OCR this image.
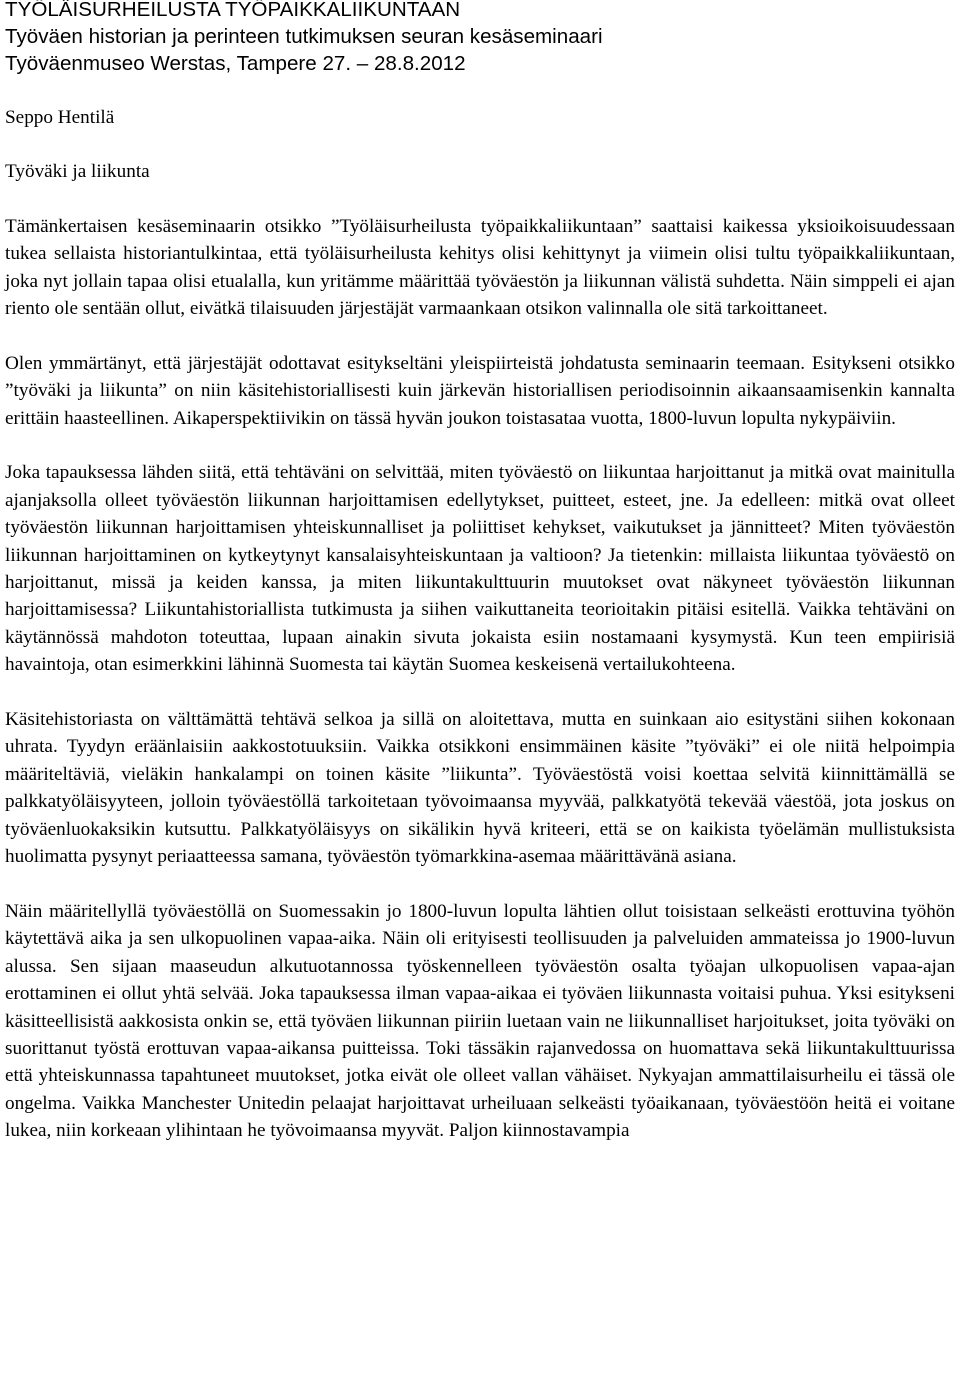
TYÖLÄISURHEILUSTA TYÖPAIKKALIIKUNTAAN
Työväen historian ja perinteen tutkimuksen seuran kesäseminaari
Työväenmuseo Werstas, Tampere 27. – 28.8.2012
Seppo Hentilä
Työväki ja liikunta

Tämänkertaisen kesäseminaarin otsikko ”Työläisurheilusta työpaikkaliikuntaan” saattaisi kaikessa yksioikoisuudessaan tukea sellaista historiantulkintaa, että työläisurheilusta kehitys olisi kehittynyt ja viimein olisi tultu työpaikkaliikuntaan, joka nyt jollain tapaa olisi etualalla, kun yritämme määrittää työväestön ja liikunnan välistä suhdetta. Näin simppeli ei ajan riento ole sentään ollut, eivätkä tilaisuuden järjestäjät varmaankaan otsikon valinnalla ole sitä tarkoittaneet.

Olen ymmärtänyt, että järjestäjät odottavat esitykseltäni yleispiirteistä johdatusta seminaarin teemaan. Esitykseni otsikko ”työväki ja liikunta” on niin käsitehistoriallisesti kuin järkevän historiallisen periodisoinnin aikaansaamisenkin kannalta erittäin haasteellinen. Aikaperspektiivikin on tässä hyvän joukon toistasataa vuotta, 1800-luvun lopulta nykypäiviin.

Joka tapauksessa lähden siitä, että tehtäväni on selvittää, miten työväestö on liikuntaa harjoittanut ja mitkä ovat mainitulla ajanjaksolla olleet työväestön liikunnan harjoittamisen edellytykset, puitteet, esteet, jne. Ja edelleen: mitkä ovat olleet työväestön liikunnan harjoittamisen yhteiskunnalliset ja poliittiset kehykset, vaikutukset ja jännitteet? Miten työväestön liikunnan harjoittaminen on kytkeytynyt kansalaisyhteiskuntaan ja valtioon? Ja tietenkin: millaista liikuntaa työväestö on harjoittanut, missä ja keiden kanssa, ja miten liikuntakulttuurin muutokset ovat näkyneet työväestön liikunnan harjoittamisessa? Liikuntahistoriallista tutkimusta ja siihen vaikuttaneita teorioitakin pitäisi esitellä. Vaikka tehtäväni on käytännössä mahdoton toteuttaa, lupaan ainakin sivuta jokaista esiin nostamaani kysymystä. Kun teen empiirisiä havaintoja, otan esimerkkini lähinnä Suomesta tai käytän Suomea keskeisenä vertailukohteena.

Käsitehistoriasta on välttämättä tehtävä selkoa ja sillä on aloitettava, mutta en suinkaan aio esitystäni siihen kokonaan uhrata. Tyydyn eräänlaisiin aakkostotuuksiin. Vaikka otsikkoni ensimmäinen käsite ”työväki” ei ole niitä helpoimpia määriteltäviä, vieläkin hankalampi on toinen käsite ”liikunta”. Työväestöstä voisi koettaa selvitä kiinnittämällä se palkkatyöläisyyteen, jolloin työväestöllä tarkoitetaan työvoimaansa myyvää, palkkatyötä tekevää väestöä, jota joskus on työväenluokaksikin kutsuttu. Palkkatyöläisyys on sikälikin hyvä kriteeri, että se on kaikista työelämän mullistuksista huolimatta pysynyt periaatteessa samana, työväestön työmarkkina-asemaa määrittävänä asiana.

Näin määritellyllä työväestöllä on Suomessakin jo 1800-luvun lopulta lähtien ollut toisistaan selkeästi erottuvina työhön käytettävä aika ja sen ulkopuolinen vapaa-aika. Näin oli erityisesti teollisuuden ja palveluiden ammateissa jo 1900-luvun alussa. Sen sijaan maaseudun alkutuotannossa työskennelleen työväestön osalta työajan ulkopuolisen vapaa-ajan erottaminen ei ollut yhtä selvää. Joka tapauksessa ilman vapaa-aikaa ei työväen liikunnasta voitaisi puhua. Yksi esitykseni käsitteellisistä aakkosista onkin se, että työväen liikunnan piiriin luetaan vain ne liikunnalliset harjoitukset, joita työväki on suorittanut työstä erottuvan vapaa-aikansa puitteissa. Toki tässäkin rajanvedossa on huomattava sekä liikuntakulttuurissa että yhteiskunnassa tapahtuneet muutokset, jotka eivät ole olleet vallan vähäiset. Nykyajan ammattilaisurheilu ei tässä ole ongelma. Vaikka Manchester Unitedin pelaajat harjoittavat urheiluaan selkeästi työaikanaan, työväestöön heitä ei voitane lukea, niin korkeaan ylihintaan he työvoimaansa myyvät. Paljon kiinnostavampia
